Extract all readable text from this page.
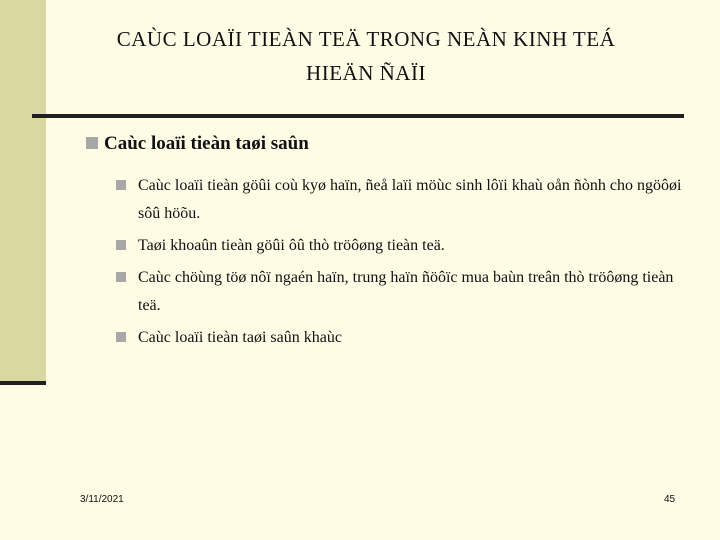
CAÙC LOAÏI TIEÀN TEÄ TRONG NEÀN KINH TEÁ
HIEÄN ÑAÏI
Caùc loaïi tieàn taøi saûn
Caùc loaïi tieàn göûi coù kyø haïn, ñeå laïi möùc sinh lôïi khaù oån ñònh cho ngöôøi sôû höõu.
Taøi khoaûn tieàn göûi ôû thò tröôøng tieàn teä.
Caùc chöùng töø nôï ngaén haïn, trung haïn ñöôïc mua baùn treân thò tröôøng tieàn teä.
Caùc loaïi tieàn taøi saûn khaùc
3/11/2021	45
